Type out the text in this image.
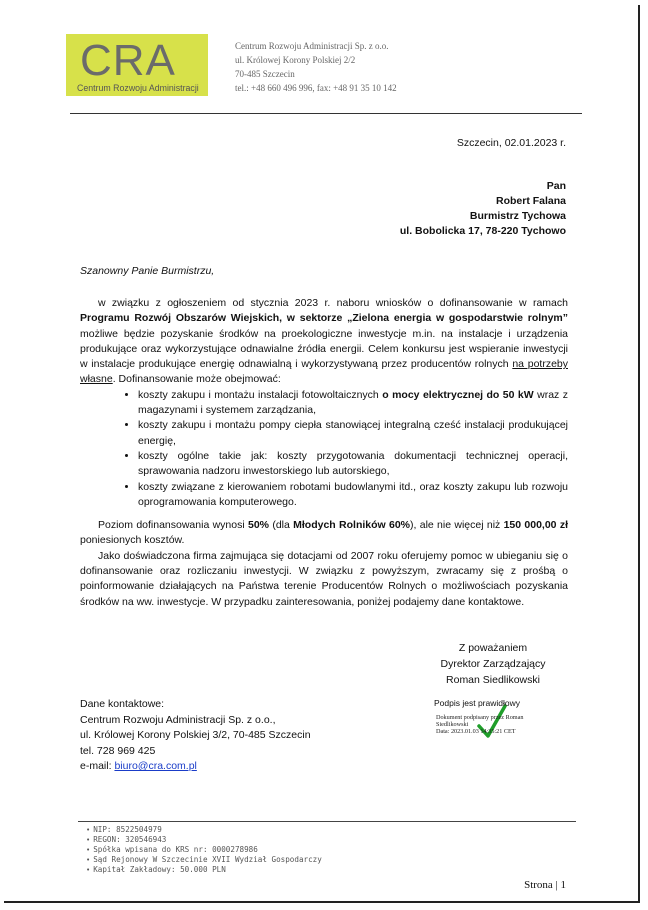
CRA
Centrum Rozwoju Administracji
Centrum Rozwoju Administracji Sp. z o.o.
ul. Królowej Korony Polskiej 2/2
70-485 Szczecin
tel.: +48 660 496 996, fax: +48 91 35 10 142
Szczecin, 02.01.2023 r.
Pan
Robert Falana
Burmistrz Tychowa
ul. Bobolicka 17, 78-220 Tychowo
Szanowny Panie Burmistrzu,

w związku z ogłoszeniem od stycznia 2023 r. naboru wniosków o dofinansowanie w ramach Programu Rozwój Obszarów Wiejskich, w sektorze „Zielona energia w gospodarstwie rolnym” możliwe będzie pozyskanie środków na proekologiczne inwestycje m.in. na instalacje i urządzenia produkujące oraz wykorzystujące odnawialne źródła energii. Celem konkursu jest wspieranie inwestycji w instalacje produkujące energię odnawialną i wykorzystywaną przez producentów rolnych na potrzeby własne. Dofinansowanie może obejmować:

• koszty zakupu i montażu instalacji fotowoltaicznych o mocy elektrycznej do 50 kW wraz z magazynami i systemem zarządzania,
• koszty zakupu i montażu pompy ciepła stanowiącej integralną cześć instalacji produkującej energię,
• koszty ogólne takie jak: koszty przygotowania dokumentacji technicznej operacji, sprawowania nadzoru inwestorskiego lub autorskiego,
• koszty związane z kierowaniem robotami budowlanymi itd., oraz koszty zakupu lub rozwoju oprogramowania komputerowego.

Poziom dofinansowania wynosi 50% (dla Młodych Rolników 60%), ale nie więcej niż 150 000,00 zł poniesionych kosztów.

Jako doświadczona firma zajmująca się dotacjami od 2007 roku oferujemy pomoc w ubieganiu się o dofinansowanie oraz rozliczaniu inwestycji. W związku z powyższym, zwracamy się z prośbą o poinformowanie działających na Państwa terenie Producentów Rolnych o możliwościach pozyskania środków na ww. inwestycje. W przypadku zainteresowania, poniżej podajemy dane kontaktowe.

Z poważaniem
Dyrektor Zarządzający
Roman Siedlikowski
Dane kontaktowe:
Centrum Rozwoju Administracji Sp. z o.o.,
ul. Królowej Korony Polskiej 3/2, 70-485 Szczecin
tel. 728 969 425
e-mail: biuro@cra.com.pl
Podpis jest prawidłowy
Dokument podpisany przez Roman
Siedlikowski
Data: 2023.01.03 14:35:21 CET
• NIP: 8522504979
• REGON: 320546943
• Spółka wpisana do KRS nr: 0000278986
• Sąd Rejonowy W Szczecinie XVII Wydział Gospodarczy
• Kapitał Zakładowy: 50.000 PLN
Strona | 1
